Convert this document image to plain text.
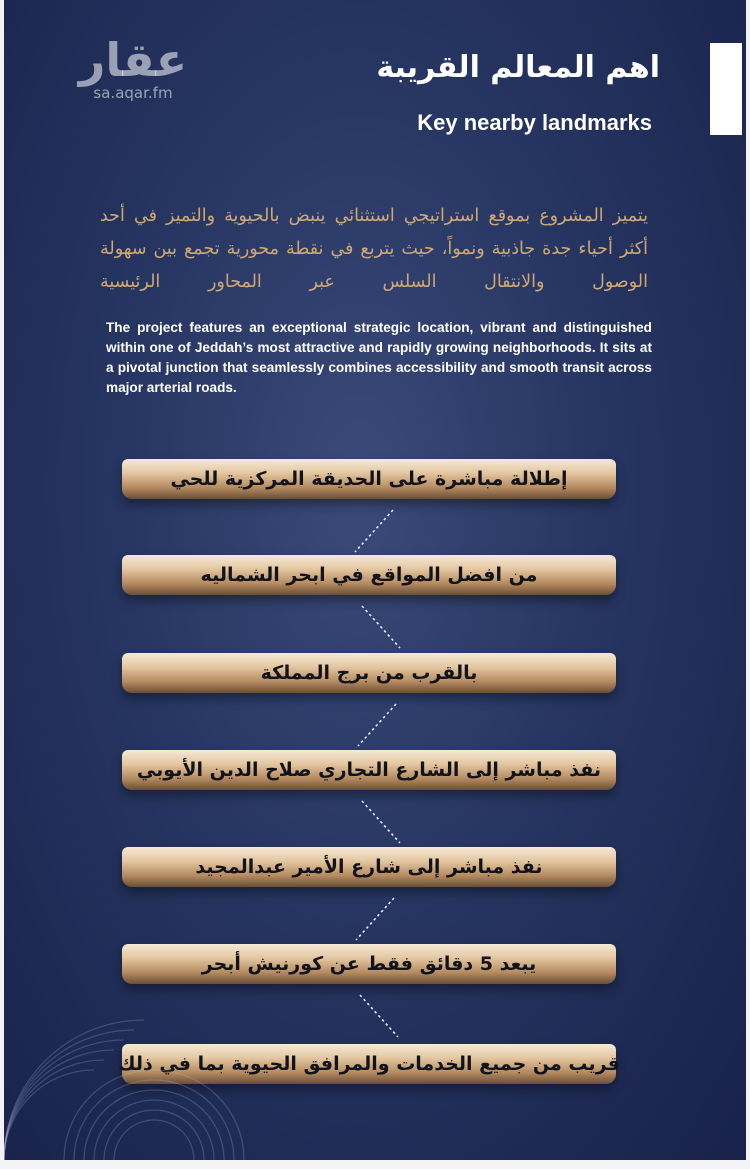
عقار
sa.aqar.fm
اهم المعالم القريبة
Key nearby landmarks
يتميز المشروع بموقع استراتيجي استثنائي ينبض بالحيوية والتميز في أحد أكثر أحياء جدة جاذبية ونمواً، حيث يتربع في نقطة محورية تجمع بين سهولة الوصول والانتقال السلس عبر المحاور الرئيسية
The project features an exceptional strategic location, vibrant and distinguished within one of Jeddah’s most attractive and rapidly growing neighborhoods. It sits at a pivotal junction that seamlessly combines accessibility and smooth transit across major arterial roads.
إطلالة مباشرة على الحديقة المركزية للحي
من افضل المواقع في ابحر الشماليه
بالقرب من برج المملكة
نفذ مباشر إلى الشارع التجاري صلاح الدين الأيوبي
نفذ مباشر إلى شارع الأمير عبدالمجيد
يبعد 5 دقائق فقط عن كورنيش أبحر
قريب من جميع الخدمات والمرافق الحيوية بما في ذلك
